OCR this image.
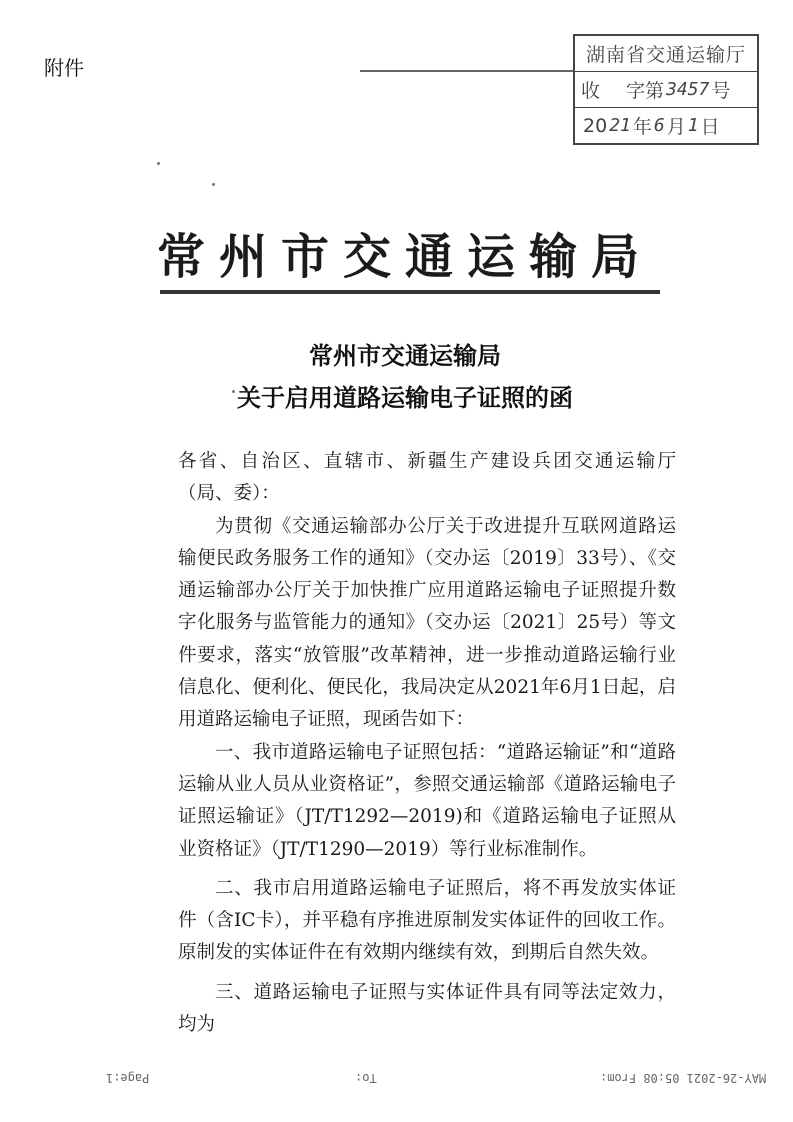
附件
湖南省交通运输厅
收 字第 3457 号
20 21 年 6 月 1 日
常州市交通运输局
常州市交通运输局
关于启用道路运输电子证照的函

各省、自治区、直辖市、新疆生产建设兵团交通运输厅（局、委）：

为贯彻《交通运输部办公厅关于改进提升互联网道路运输便民政务服务工作的通知》（交办运〔2019〕33号）、《交通运输部办公厅关于加快推广应用道路运输电子证照提升数字化服务与监管能力的通知》（交办运〔2021〕25号）等文件要求，落实“放管服”改革精神，进一步推动道路运输行业信息化、便利化、便民化，我局决定从2021年6月1日起，启用道路运输电子证照，现函告如下：

一、我市道路运输电子证照包括：“道路运输证”和“道路运输从业人员从业资格证”，参照交通运输部《道路运输电子证照运输证》（JT/T1292—2019)和《道路运输电子证照从业资格证》（JT/T1290—2019）等行业标准制作。

二、我市启用道路运输电子证照后，将不再发放实体证件（含IC卡），并平稳有序推进原制发实体证件的回收工作。原制发的实体证件在有效期内继续有效，到期后自然失效。

三、道路运输电子证照与实体证件具有同等法定效力，均为

MAY-26-2021 05:08 From:
To:
Page:1
